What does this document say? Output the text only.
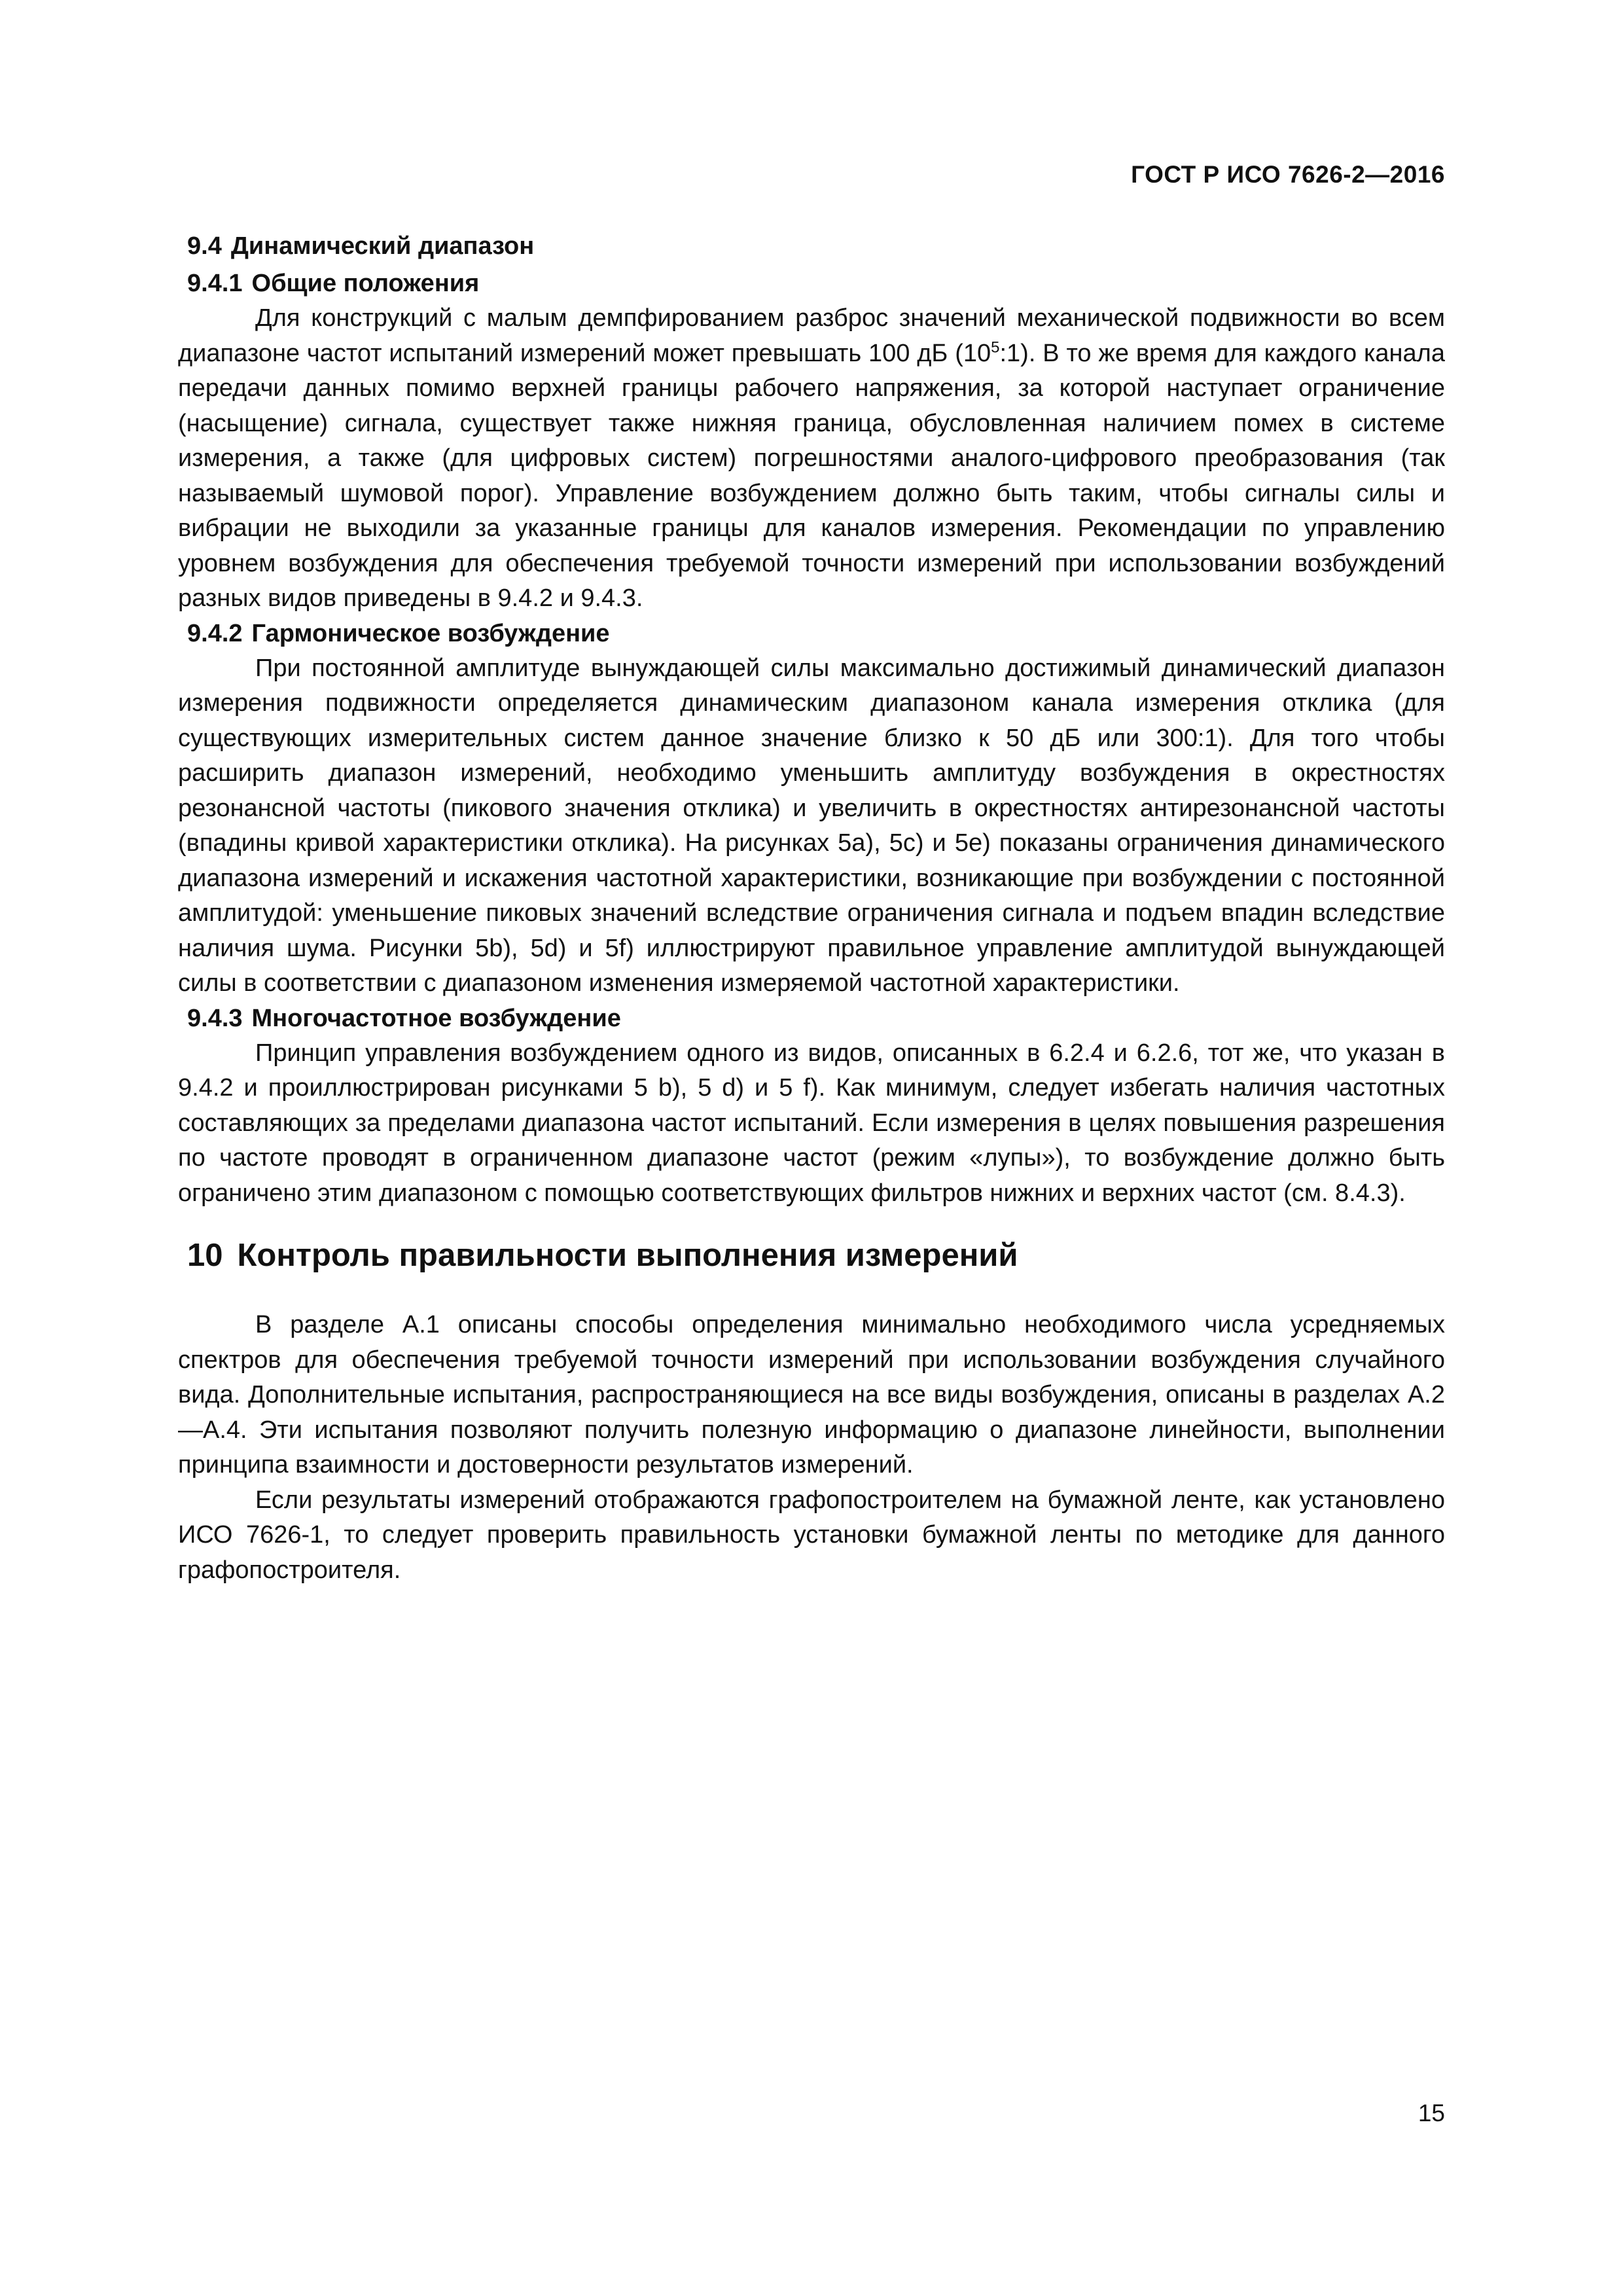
ГОСТ Р ИСО 7626-2—2016
9.4 Динамический диапазон
9.4.1 Общие положения

Для конструкций с малым демпфированием разброс значений механической подвижности во всем диапазоне частот испытаний измерений может превышать 100 дБ $(10^5:1)$. В то же время для каждого канала передачи данных помимо верхней границы рабочего напряжения, за которой наступает ограничение (насыщение) сигнала, существует также нижняя граница, обусловленная наличием помех в системе измерения, а также (для цифровых систем) погрешностями аналого-цифрового преобразования (так называемый шумовой порог). Управление возбуждением должно быть таким, чтобы сигналы силы и вибрации не выходили за указанные границы для каналов измерения. Рекомендации по управлению уровнем возбуждения для обеспечения требуемой точности измерений при использовании возбуждений разных видов приведены в 9.4.2 и 9.4.3.

9.4.2 Гармоническое возбуждение

При постоянной амплитуде вынуждающей силы максимально достижимый динамический диапазон измерения подвижности определяется динамическим диапазоном канала измерения отклика (для существующих измерительных систем данное значение близко к 50 дБ или 300:1). Для того чтобы расширить диапазон измерений, необходимо уменьшить амплитуду возбуждения в окрестностях резонансной частоты (пикового значения отклика) и увеличить в окрестностях антирезонансной частоты (впадины кривой характеристики отклика). На рисунках 5a), 5c) и 5e) показаны ограничения динамического диапазона измерений и искажения частотной характеристики, возникающие при возбуждении с постоянной амплитудой: уменьшение пиковых значений вследствие ограничения сигнала и подъем впадин вследствие наличия шума. Рисунки 5b), 5d) и 5f) иллюстрируют правильное управление амплитудой вынуждающей силы в соответствии с диапазоном изменения измеряемой частотной характеристики.

9.4.3 Многочастотное возбуждение

Принцип управления возбуждением одного из видов, описанных в 6.2.4 и 6.2.6, тот же, что указан в 9.4.2 и проиллюстрирован рисунками 5 b), 5 d) и 5 f). Как минимум, следует избегать наличия частотных составляющих за пределами диапазона частот испытаний. Если измерения в целях повышения разрешения по частоте проводят в ограниченном диапазоне частот (режим «лупы»), то возбуждение должно быть ограничено этим диапазоном с помощью соответствующих фильтров нижних и верхних частот (см. 8.4.3).

10 Контроль правильности выполнения измерений

В разделе А.1 описаны способы определения минимально необходимого числа усредняемых спектров для обеспечения требуемой точности измерений при использовании возбуждения случайного вида. Дополнительные испытания, распространяющиеся на все виды возбуждения, описаны в разделах А.2—А.4. Эти испытания позволяют получить полезную информацию о диапазоне линейности, выполнении принципа взаимности и достоверности результатов измерений.

Если результаты измерений отображаются графопостроителем на бумажной ленте, как установлено ИСО 7626-1, то следует проверить правильность установки бумажной ленты по методике для данного графопостроителя.

15
